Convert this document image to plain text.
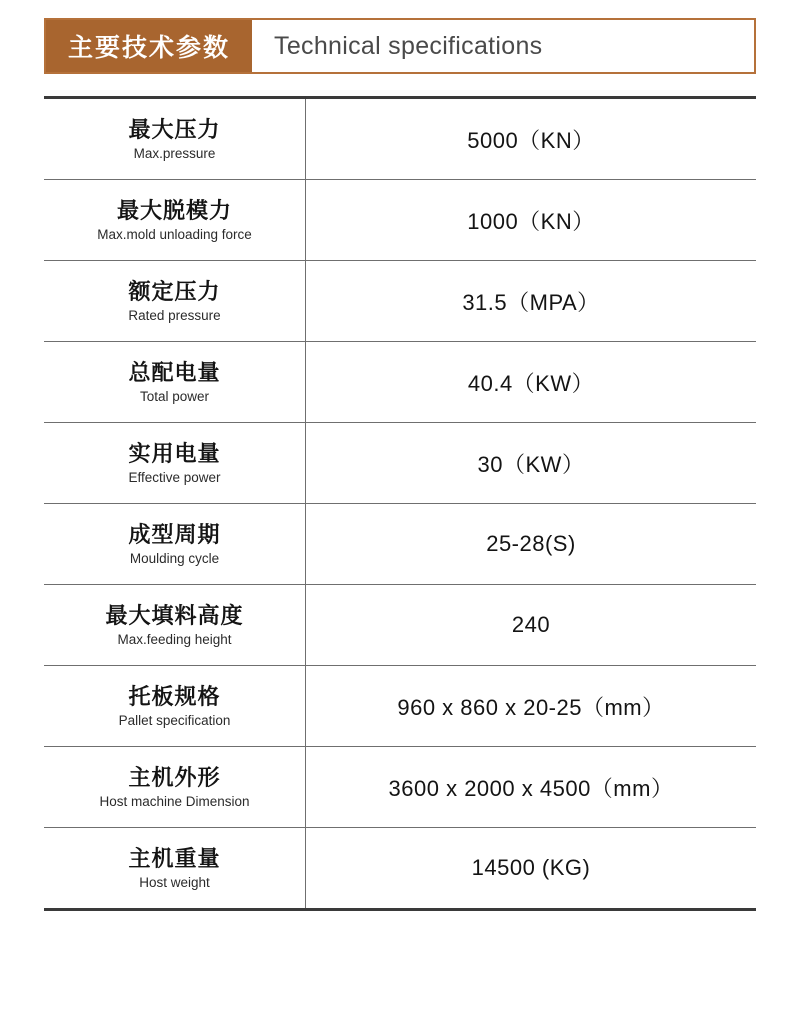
主要技术参数	Technical specifications
最大压力
Max.pressure
5000（KN）
最大脱模力
Max.mold unloading force
1000（KN）
额定压力
Rated pressure
31.5（MPA）
总配电量
Total power
40.4（KW）
实用电量
Effective power
30（KW）
成型周期
Moulding cycle
25-28(S)
最大填料高度
Max.feeding height
240
托板规格
Pallet specification
960 x 860 x 20-25（mm）
主机外形
Host machine Dimension
3600 x 2000 x 4500（mm）
主机重量
Host weight
14500 (KG)
